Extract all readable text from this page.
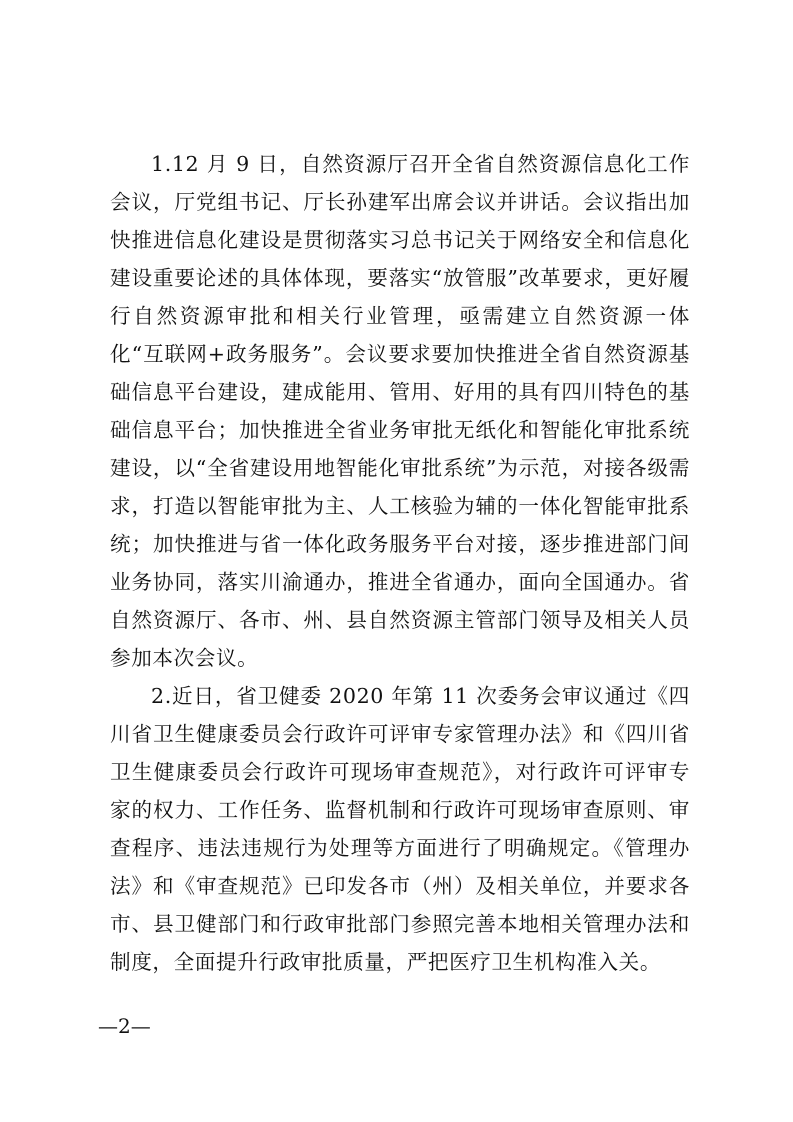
1.12 月 9 日，自然资源厅召开全省自然资源信息化工作会议，厅党组书记、厅长孙建军出席会议并讲话。会议指出加快推进信息化建设是贯彻落实习总书记关于网络安全和信息化建设重要论述的具体体现，要落实“放管服”改革要求，更好履行自然资源审批和相关行业管理，亟需建立自然资源一体化“互联网+政务服务”。会议要求要加快推进全省自然资源基础信息平台建设，建成能用、管用、好用的具有四川特色的基础信息平台；加快推进全省业务审批无纸化和智能化审批系统建设，以“全省建设用地智能化审批系统”为示范，对接各级需求，打造以智能审批为主、人工核验为辅的一体化智能审批系统；加快推进与省一体化政务服务平台对接，逐步推进部门间业务协同，落实川渝通办，推进全省通办，面向全国通办。省自然资源厅、各市、州、县自然资源主管部门领导及相关人员参加本次会议。

2.近日，省卫健委 2020 年第 11 次委务会审议通过《四川省卫生健康委员会行政许可评审专家管理办法》和《四川省卫生健康委员会行政许可现场审查规范》，对行政许可评审专家的权力、工作任务、监督机制和行政许可现场审查原则、审查程序、违法违规行为处理等方面进行了明确规定。《管理办法》和《审查规范》已印发各市（州）及相关单位，并要求各市、县卫健部门和行政审批部门参照完善本地相关管理办法和制度，全面提升行政审批质量，严把医疗卫生机构准入关。

—2—
